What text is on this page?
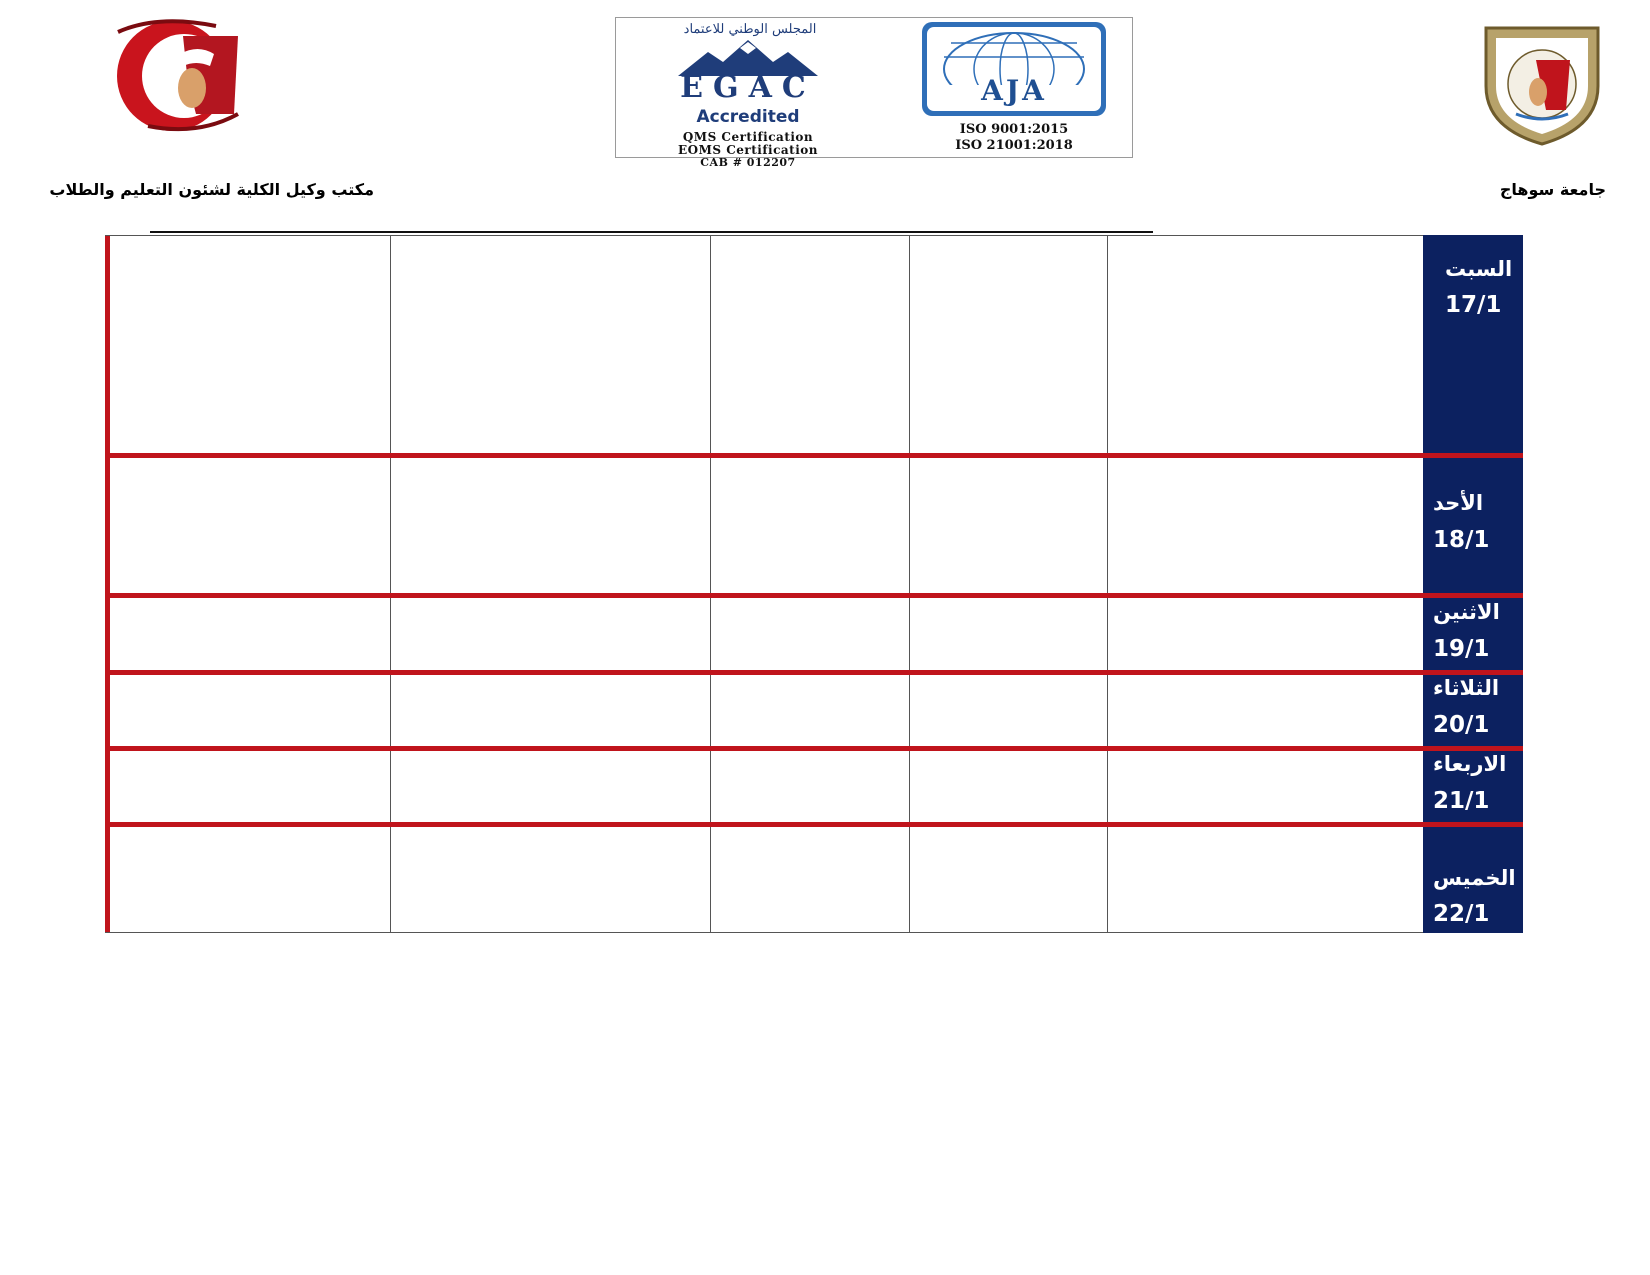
المجلس الوطني للاعتماد
EGAC
Accredited
QMS Certification
EOMS Certification
CAB # 012207
AJA
ISO 9001:2015
ISO 21001:2018
مكتب وكيل الكلية لشئون التعليم والطلاب	جامعة سوهاج
السبت
17/1
الأحد
18/1
الاثنين
19/1
الثلاثاء
20/1
الاربعاء
21/1
الخميس
22/1
